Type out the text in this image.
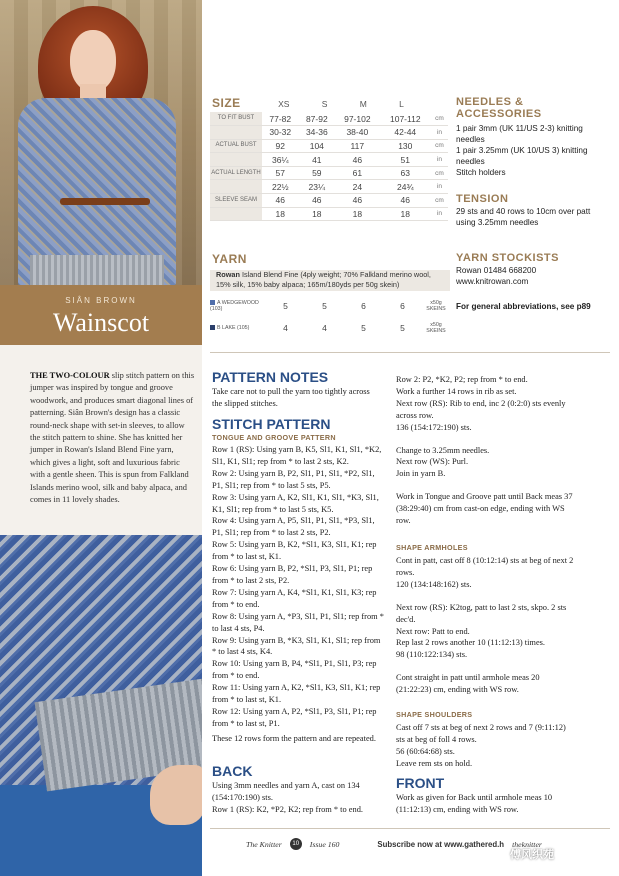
SIÂN BROWN
Wainscot
THE TWO-COLOUR slip stitch pattern on this jumper was inspired by tongue and groove woodwork, and produces smart diagonal lines of patterning. Siân Brown's design has a classic round-neck shape with set-in sleeves, to allow the stitch pattern to shine. She has knitted her jumper in Rowan's Island Blend Fine yarn, which gives a light, soft and luxurious fabric with a gentle sheen. This is spun from Falkland Islands merino wool, silk and baby alpaca, and comes in 11 lovely shades.
SIZE	XS	S	M	L
TO FIT BUST	77-82	87-92	97-102	107-112	cm
	30-32	34-36	38-40	42-44	in
ACTUAL BUST	92	104	117	130	cm
	36¼	41	46	51	in
ACTUAL LENGTH	57	59	61	63	cm
	22½	23¼	24	24¾	in
SLEEVE SEAM	46	46	46	46	cm
	18	18	18	18	in
YARN
Rowan Island Blend Fine (4ply weight; 70% Falkland merino wool, 15% silk, 15% baby alpaca; 165m/180yds per 50g skein)
A WEDGEWOOD (103)	5	5	6	6	x50g SKEINS
B LAKE (105)	4	4	5	5	x50g SKEINS
NEEDLES & ACCESSORIES
1 pair 3mm (UK 11/US 2-3) knitting needles
1 pair 3.25mm (UK 10/US 3) knitting needles
Stitch holders
TENSION
29 sts and 40 rows to 10cm over patt using 3.25mm needles
YARN STOCKISTS
Rowan 01484 668200
www.knitrowan.com
For general abbreviations, see p89
PATTERN NOTES
Take care not to pull the yarn too tightly across the slipped stitches.
STITCH PATTERN
TONGUE AND GROOVE PATTERN
Row 1 (RS): Using yarn B, K5, Sl1, K1, Sl1, *K2, Sl1, K1, Sl1; rep from * to last 2 sts, K2.
Row 2: Using yarn B, P2, Sl1, P1, Sl1, *P2, Sl1, P1, Sl1; rep from * to last 5 sts, P5.
Row 3: Using yarn A, K2, Sl1, K1, Sl1, *K3, Sl1, K1, Sl1; rep from * to last 5 sts, K5.
Row 4: Using yarn A, P5, Sl1, P1, Sl1, *P3, Sl1, P1, Sl1; rep from * to last 2 sts, P2.
Row 5: Using yarn B, K2, *Sl1, K3, Sl1, K1; rep from * to last st, K1.
Row 6: Using yarn B, P2, *Sl1, P3, Sl1, P1; rep from * to last 2 sts, P2.
Row 7: Using yarn A, K4, *Sl1, K1, Sl1, K3; rep from * to end.
Row 8: Using yarn A, *P3, Sl1, P1, Sl1; rep from * to last 4 sts, P4.
Row 9: Using yarn B, *K3, Sl1, K1, Sl1; rep from * to last 4 sts, K4.
Row 10: Using yarn B, P4, *Sl1, P1, Sl1, P3; rep from * to end.
Row 11: Using yarn A, K2, *Sl1, K3, Sl1, K1; rep from * to last st, K1.
Row 12: Using yarn A, P2, *Sl1, P3, Sl1, P1; rep from * to last st, P1.
These 12 rows form the pattern and are repeated.
BACK
Using 3mm needles and yarn A, cast on 134 (154:170:190) sts.
Row 1 (RS): K2, *P2, K2; rep from * to end.
Row 2: P2, *K2, P2; rep from * to end.
Work a further 14 rows in rib as set.
Next row (RS): Rib to end, inc 2 (0:2:0) sts evenly across row.
136 (154:172:190) sts.
Change to 3.25mm needles.
Next row (WS): Purl.
Join in yarn B.
Work in Tongue and Groove patt until Back meas 37 (38:29:40) cm from cast-on edge, ending with WS row.
SHAPE ARMHOLES
Cont in patt, cast off 8 (10:12:14) sts at beg of next 2 rows.
120 (134:148:162) sts.
Next row (RS): K2tog, patt to last 2 sts, skpo. 2 sts dec'd.
Next row: Patt to end.
Rep last 2 rows another 10 (11:12:13) times.
98 (110:122:134) sts.
Cont straight in patt until armhole meas 20 (21:22:23) cm, ending with WS row.
SHAPE SHOULDERS
Cast off 7 sts at beg of next 2 rows and 7 (9:11:12) sts at beg of foll 4 rows.
56 (60:64:68) sts.
Leave rem sts on hold.
FRONT
Work as given for Back until armhole meas 10 (11:12:13) cm, ending with WS row.
The Knitter	10	Issue 160	Subscribe now at www.gathered.h theknitter
傅风织苑
